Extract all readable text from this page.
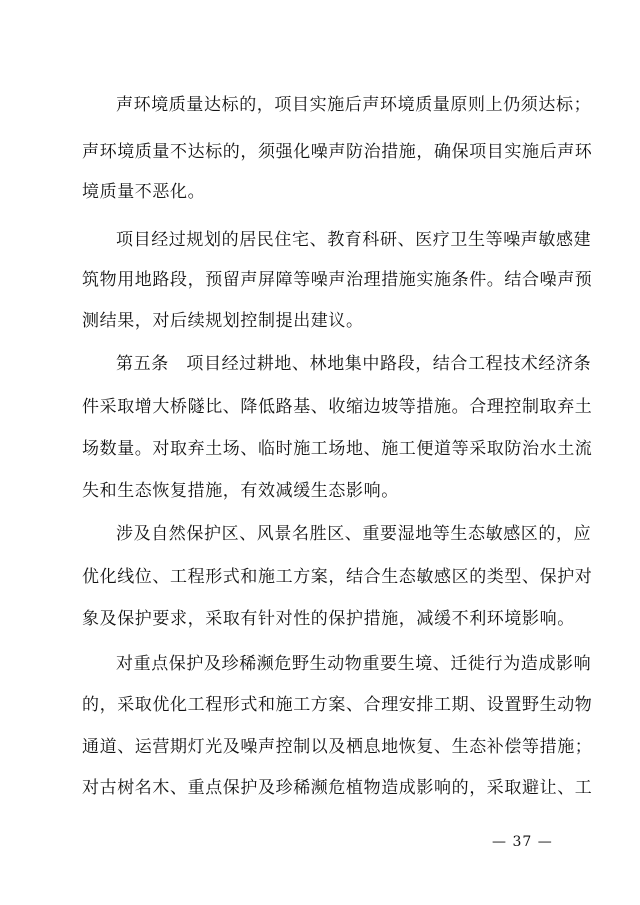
声环境质量达标的，项目实施后声环境质量原则上仍须达标；
声环境质量不达标的，须强化噪声防治措施，确保项目实施后声环
境质量不恶化。
项目经过规划的居民住宅、教育科研、医疗卫生等噪声敏感建
筑物用地路段，预留声屏障等噪声治理措施实施条件。结合噪声预
测结果，对后续规划控制提出建议。
第五条　项目经过耕地、林地集中路段，结合工程技术经济条
件采取增大桥隧比、降低路基、收缩边坡等措施。合理控制取弃土
场数量。对取弃土场、临时施工场地、施工便道等采取防治水土流
失和生态恢复措施，有效减缓生态影响。
涉及自然保护区、风景名胜区、重要湿地等生态敏感区的，应
优化线位、工程形式和施工方案，结合生态敏感区的类型、保护对
象及保护要求，采取有针对性的保护措施，减缓不利环境影响。
对重点保护及珍稀濒危野生动物重要生境、迁徙行为造成影响
的，采取优化工程形式和施工方案、合理安排工期、设置野生动物
通道、运营期灯光及噪声控制以及栖息地恢复、生态补偿等措施；
对古树名木、重点保护及珍稀濒危植物造成影响的，采取避让、工
— 37 —
